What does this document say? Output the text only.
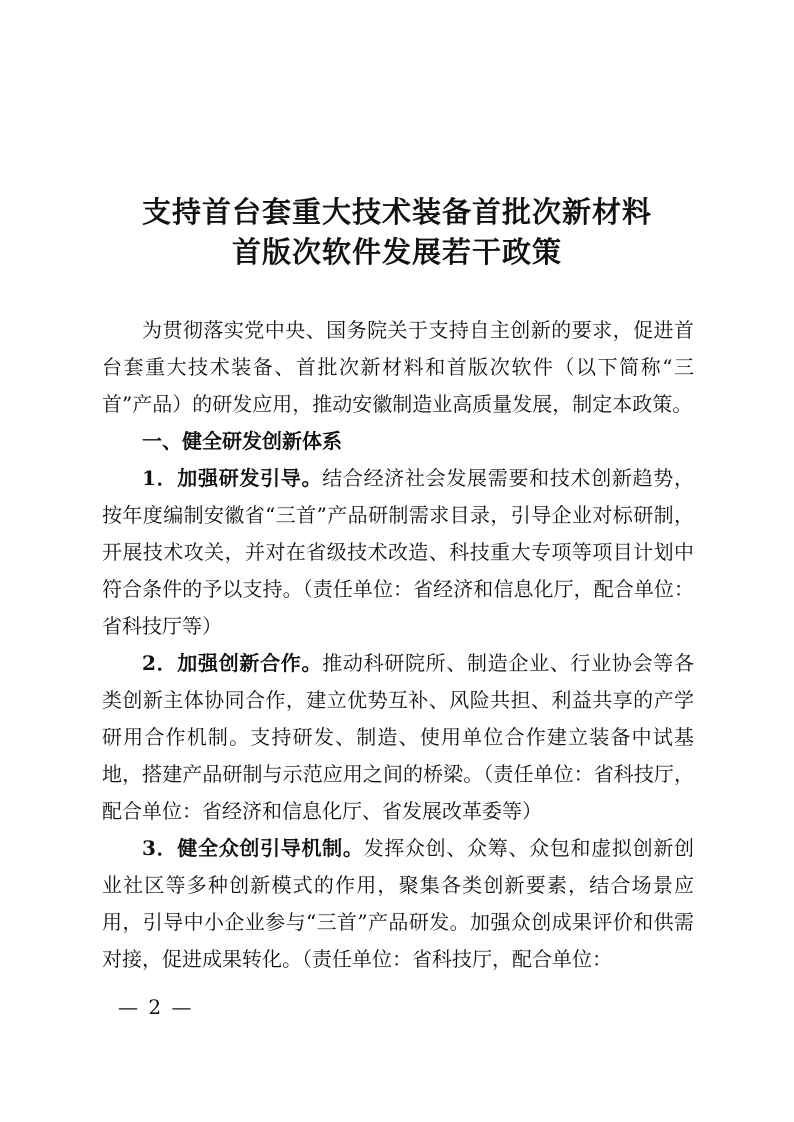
支持首台套重大技术装备首批次新材料
首版次软件发展若干政策

为贯彻落实党中央、国务院关于支持自主创新的要求，促进首台套重大技术装备、首批次新材料和首版次软件（以下简称“三首”产品）的研发应用，推动安徽制造业高质量发展，制定本政策。

一、健全研发创新体系

1．加强研发引导。结合经济社会发展需要和技术创新趋势，按年度编制安徽省“三首”产品研制需求目录，引导企业对标研制，开展技术攻关，并对在省级技术改造、科技重大专项等项目计划中符合条件的予以支持。（责任单位：省经济和信息化厅，配合单位：省科技厅等）

2．加强创新合作。推动科研院所、制造企业、行业协会等各类创新主体协同合作，建立优势互补、风险共担、利益共享的产学研用合作机制。支持研发、制造、使用单位合作建立装备中试基地，搭建产品研制与示范应用之间的桥梁。（责任单位：省科技厅，配合单位：省经济和信息化厅、省发展改革委等）

3．健全众创引导机制。发挥众创、众筹、众包和虚拟创新创业社区等多种创新模式的作用，聚集各类创新要素，结合场景应用，引导中小企业参与“三首”产品研发。加强众创成果评价和供需对接，促进成果转化。（责任单位：省科技厅，配合单位：

— 2 —
